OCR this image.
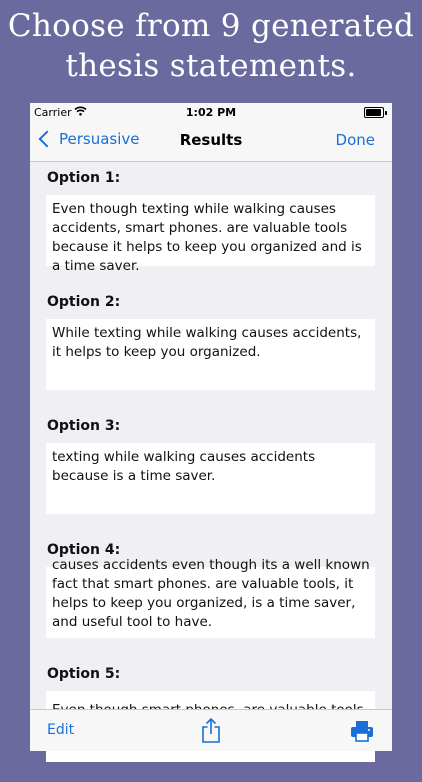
Choose from 9 generated
thesis statements.
Carrier	1:02 PM
Persuasive	Results	Done
Option 1:
Even though texting while walking causes accidents, smart phones. are valuable tools because it helps to keep you organized and is a time saver.
Option 2:
While texting while walking causes accidents, it helps to keep you organized.
Option 3:
texting while walking causes accidents because is a time saver.
Option 4:
causes accidents even though its a well known fact that smart phones. are valuable tools, it helps to keep you organized, is a time saver, and useful tool to have.
Option 5:
Edit
